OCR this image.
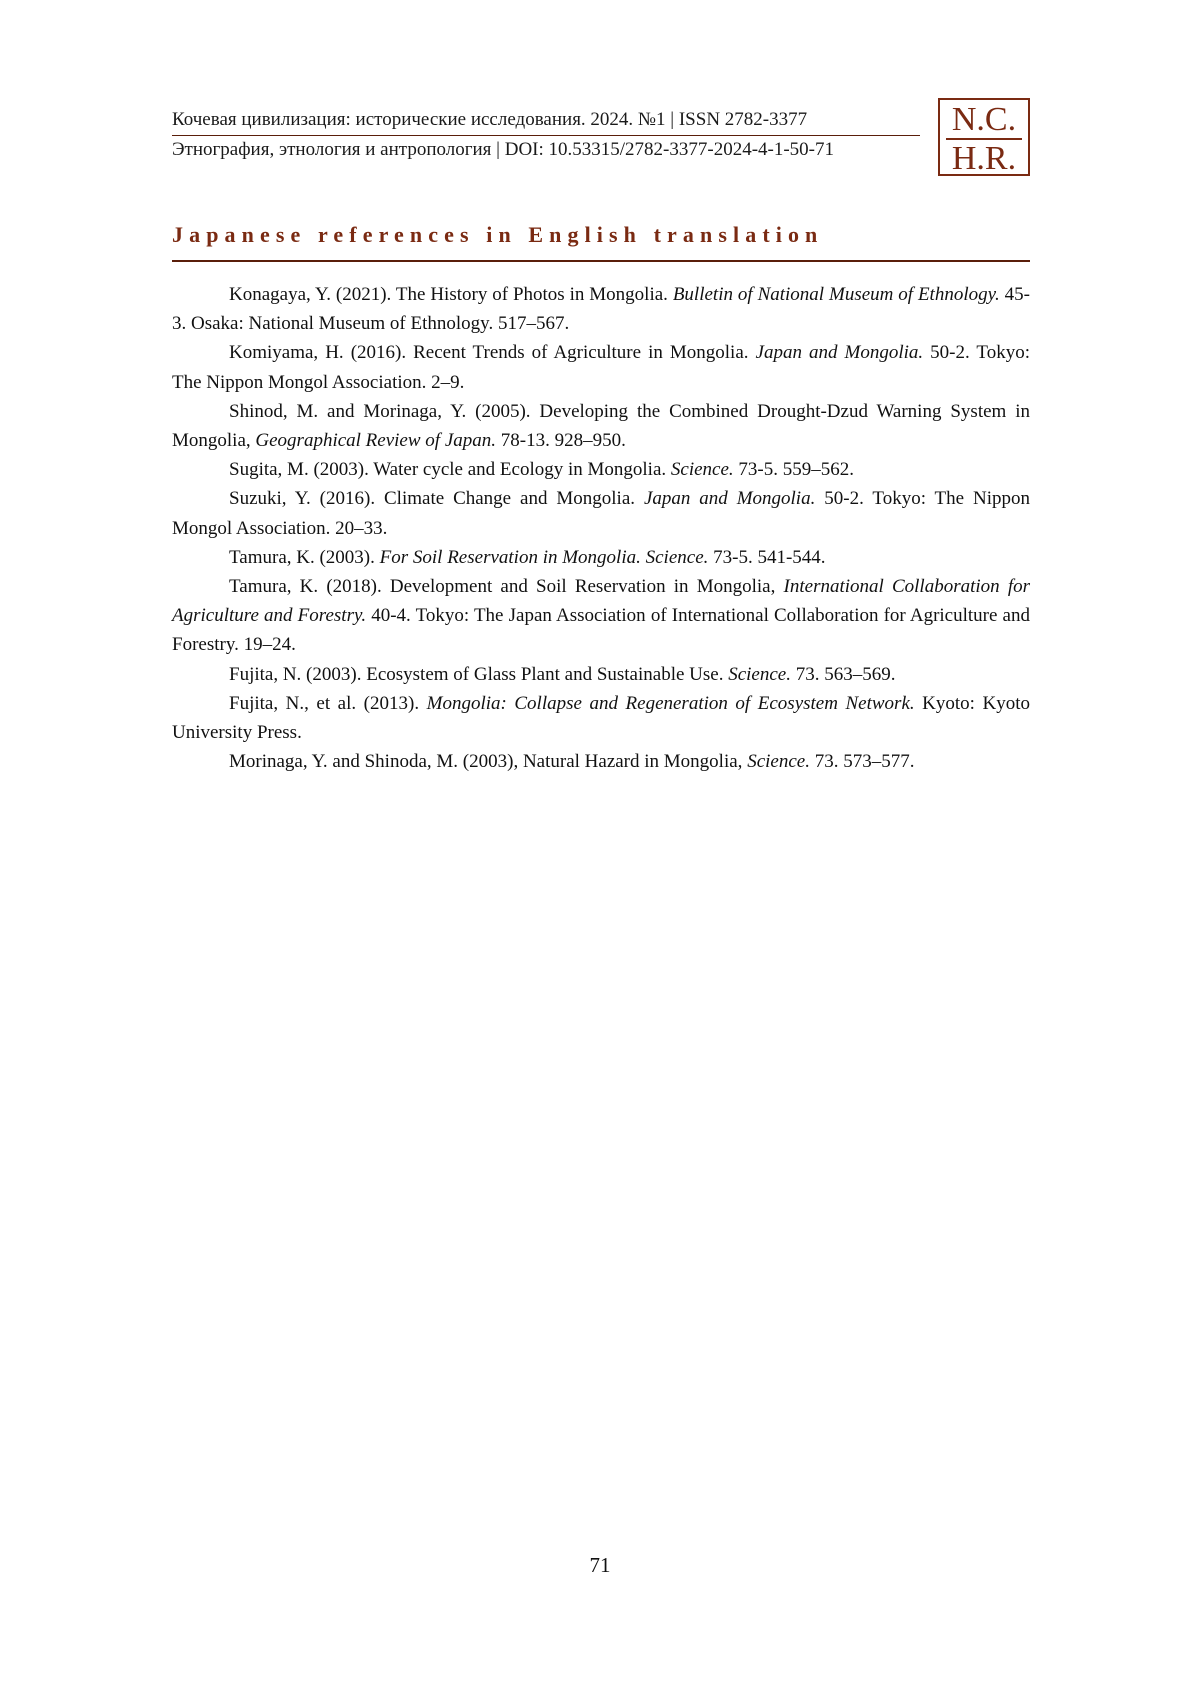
Кочевая цивилизация: исторические исследования. 2024. №1 | ISSN 2782-3377
Этнография, этнология и антропология | DOI: 10.53315/2782-3377-2024-4-1-50-71
N.C.
H.R.
Japanese references in English translation

Konagaya, Y. (2021). The History of Photos in Mongolia. Bulletin of National Museum of Ethnology. 45-3. Osaka: National Museum of Ethnology. 517–567.

Komiyama, H. (2016). Recent Trends of Agriculture in Mongolia. Japan and Mongolia. 50-2. Tokyo: The Nippon Mongol Association. 2–9.

Shinod, M. and Morinaga, Y. (2005). Developing the Combined Drought-Dzud Warning System in Mongolia, Geographical Review of Japan. 78-13. 928–950.

Sugita, M. (2003). Water cycle and Ecology in Mongolia. Science. 73-5. 559–562.

Suzuki, Y. (2016). Climate Change and Mongolia. Japan and Mongolia. 50-2. Tokyo: The Nippon Mongol Association. 20–33.

Tamura, K. (2003). For Soil Reservation in Mongolia. Science. 73-5. 541-544.

Tamura, K. (2018). Development and Soil Reservation in Mongolia, International Collaboration for Agriculture and Forestry. 40-4. Tokyo: The Japan Association of International Collaboration for Agriculture and Forestry. 19–24.

Fujita, N. (2003). Ecosystem of Glass Plant and Sustainable Use. Science. 73. 563–569.

Fujita, N., et al. (2013). Mongolia: Collapse and Regeneration of Ecosystem Network. Kyoto: Kyoto University Press.

Morinaga, Y. and Shinoda, M. (2003), Natural Hazard in Mongolia, Science. 73. 573–577.

71
